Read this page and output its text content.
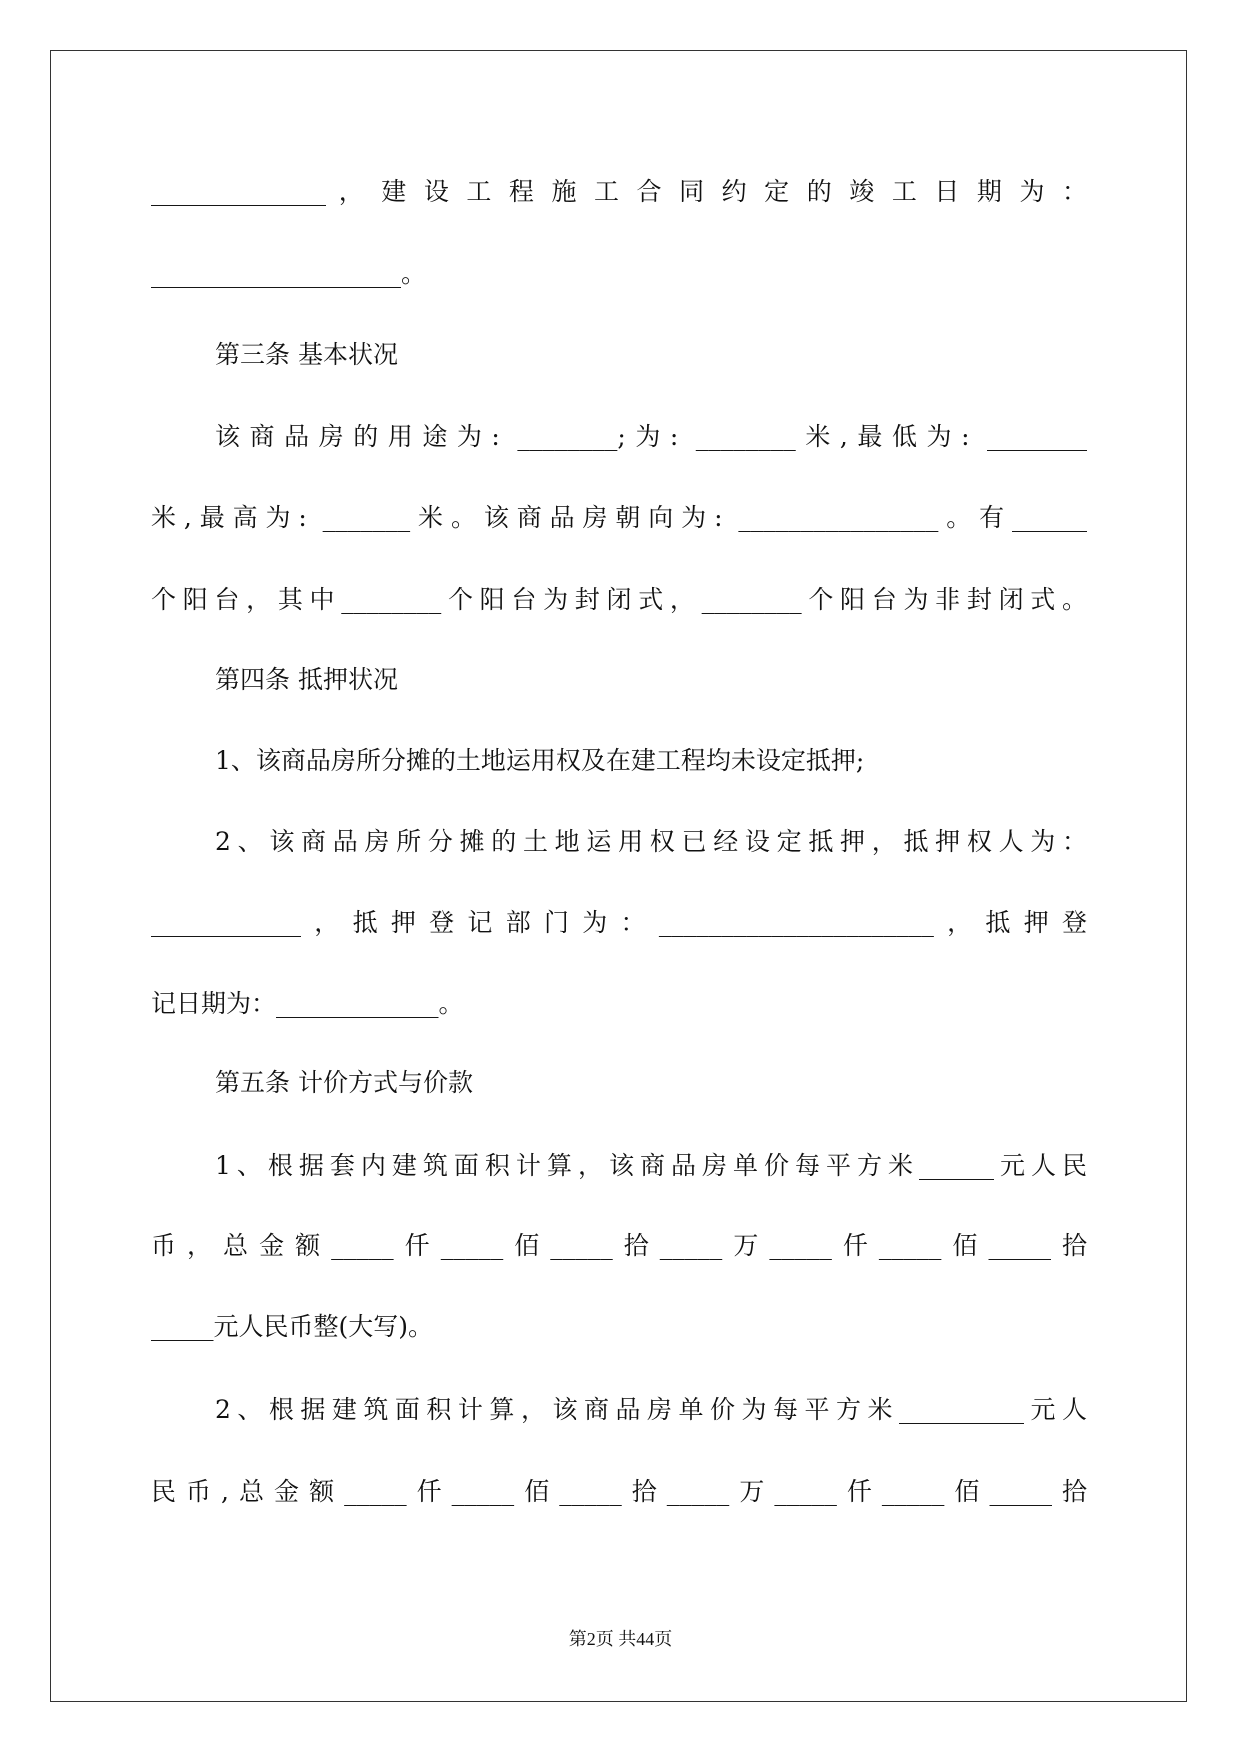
______________ ， 建 设 工 程 施 工 合 同 约 定 的 竣 工 日 期 为 ：
____________________。
第三条 基本状况
该商品房的用途为: ________;为: ________米,最低为: ________
米,最高为: _______米。该商品房朝向为: ________________。有______
个阳台，其中________个阳台为封闭式，________个阳台为非封闭式。
第四条 抵押状况
1、该商品房所分摊的土地运用权及在建工程均未设定抵押;
2、该商品房所分摊的土地运用权已经设定抵押，抵押权人为：
____________，抵押登记部门为：______________________，抵押登
记日期为：_____________。
第五条 计价方式与价款
1、根据套内建筑面积计算，该商品房单价每平方米______元人民
币，总金额_____仟_____佰_____拾_____万_____仟_____佰_____拾
_____元人民币整(大写)。
2、根据建筑面积计算，该商品房单价为每平方米__________元人
民币,总金额_____仟_____佰_____拾_____万_____仟_____佰_____拾
第2页 共44页
